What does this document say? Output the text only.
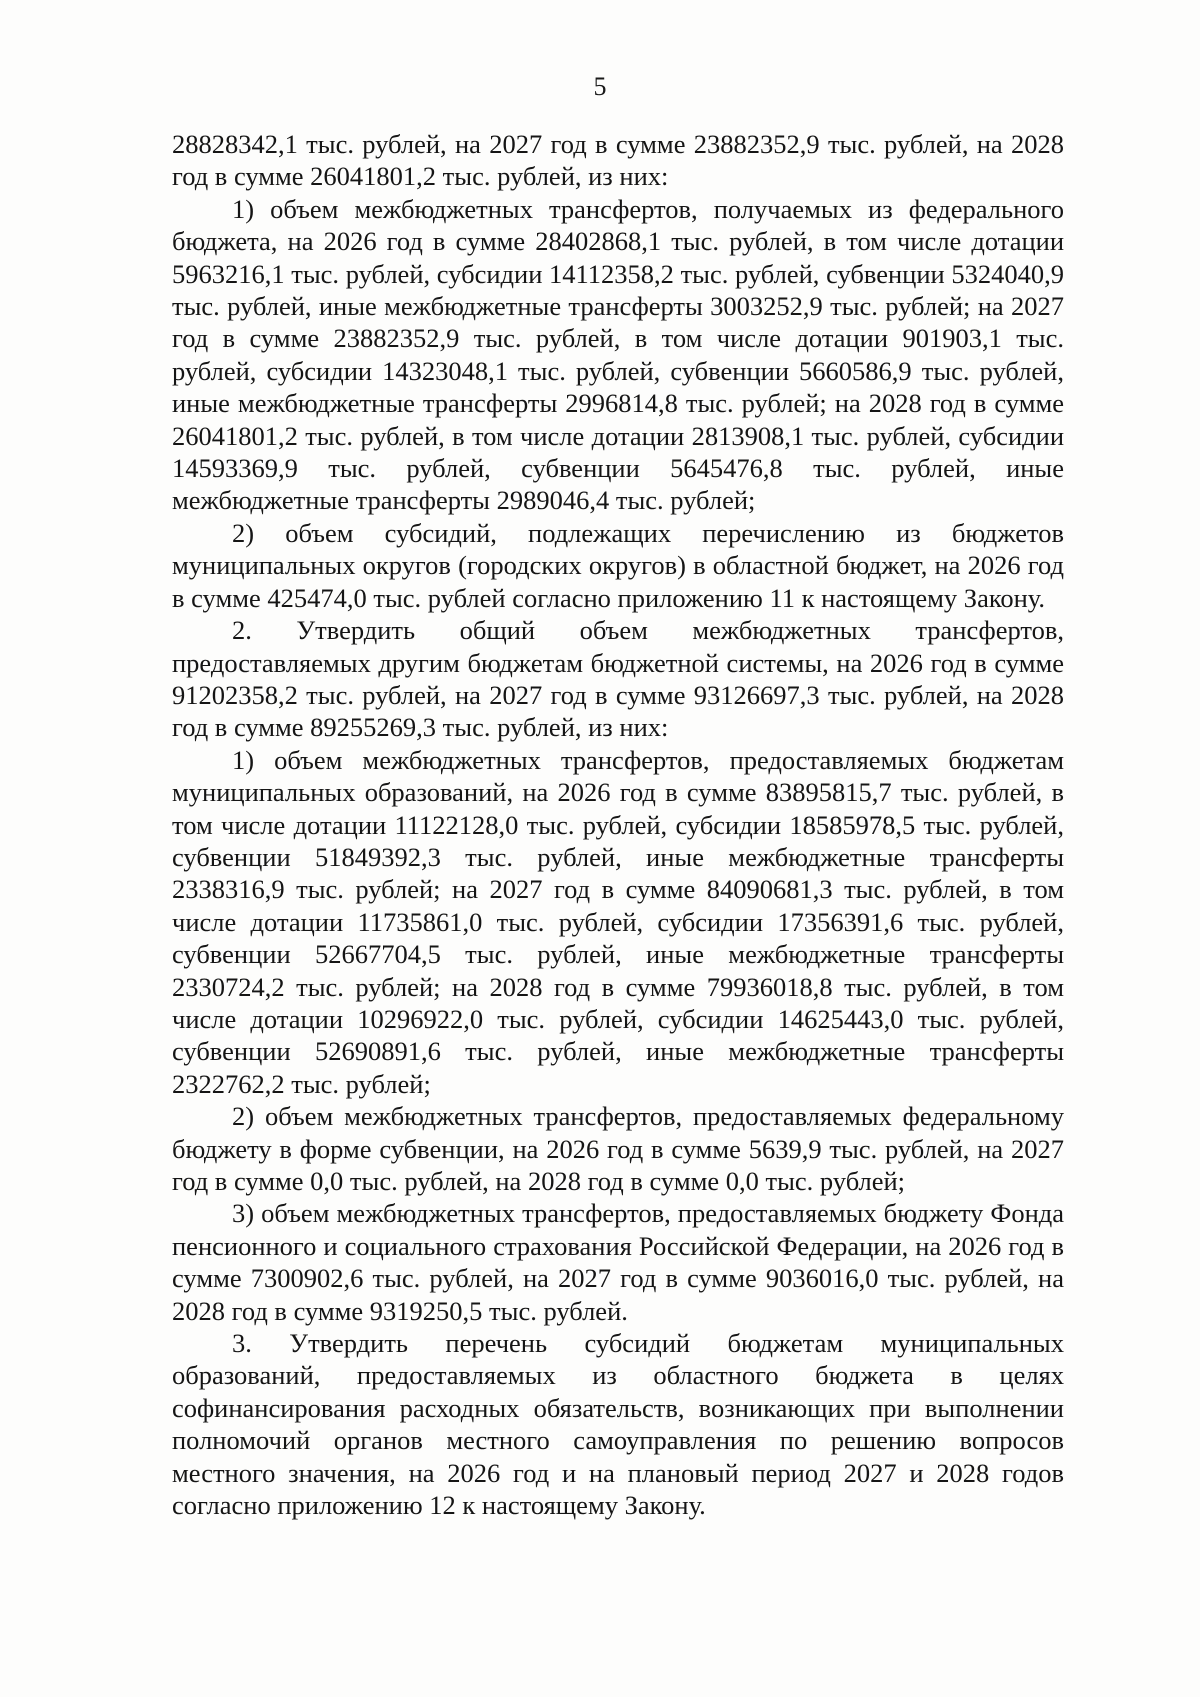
5

28828342,1 тыс. рублей, на 2027 год в сумме 23882352,9 тыс. рублей, на 2028 год в сумме 26041801,2 тыс. рублей, из них:

1) объем межбюджетных трансфертов, получаемых из федерального бюджета, на 2026 год в сумме 28402868,1 тыс. рублей, в том числе дотации 5963216,1 тыс. рублей, субсидии 14112358,2 тыс. рублей, субвенции 5324040,9 тыс. рублей, иные межбюджетные трансферты 3003252,9 тыс. рублей; на 2027 год в сумме 23882352,9 тыс. рублей, в том числе дотации 901903,1 тыс. рублей, субсидии 14323048,1 тыс. рублей, субвенции 5660586,9 тыс. рублей, иные межбюджетные трансферты 2996814,8 тыс. рублей; на 2028 год в сумме 26041801,2 тыс. рублей, в том числе дотации 2813908,1 тыс. рублей, субсидии 14593369,9 тыс. рублей, субвенции 5645476,8 тыс. рублей, иные межбюджетные трансферты 2989046,4 тыс. рублей;

2) объем субсидий, подлежащих перечислению из бюджетов муниципальных округов (городских округов) в областной бюджет, на 2026 год в сумме 425474,0 тыс. рублей согласно приложению 11 к настоящему Закону.

2. Утвердить общий объем межбюджетных трансфертов, предоставляемых другим бюджетам бюджетной системы, на 2026 год в сумме 91202358,2 тыс. рублей, на 2027 год в сумме 93126697,3 тыс. рублей, на 2028 год в сумме 89255269,3 тыс. рублей, из них:

1) объем межбюджетных трансфертов, предоставляемых бюджетам муниципальных образований, на 2026 год в сумме 83895815,7 тыс. рублей, в том числе дотации 11122128,0 тыс. рублей, субсидии 18585978,5 тыс. рублей, субвенции 51849392,3 тыс. рублей, иные межбюджетные трансферты 2338316,9 тыс. рублей; на 2027 год в сумме 84090681,3 тыс. рублей, в том числе дотации 11735861,0 тыс. рублей, субсидии 17356391,6 тыс. рублей, субвенции 52667704,5 тыс. рублей, иные межбюджетные трансферты 2330724,2 тыс. рублей; на 2028 год в сумме 79936018,8 тыс. рублей, в том числе дотации 10296922,0 тыс. рублей, субсидии 14625443,0 тыс. рублей, субвенции 52690891,6 тыс. рублей, иные межбюджетные трансферты 2322762,2 тыс. рублей;

2) объем межбюджетных трансфертов, предоставляемых федеральному бюджету в форме субвенции, на 2026 год в сумме 5639,9 тыс. рублей, на 2027 год в сумме 0,0 тыс. рублей, на 2028 год в сумме 0,0 тыс. рублей;

3) объем межбюджетных трансфертов, предоставляемых бюджету Фонда пенсионного и социального страхования Российской Федерации, на 2026 год в сумме 7300902,6 тыс. рублей, на 2027 год в сумме 9036016,0 тыс. рублей, на 2028 год в сумме 9319250,5 тыс. рублей.

3. Утвердить перечень субсидий бюджетам муниципальных образований, предоставляемых из областного бюджета в целях софинансирования расходных обязательств, возникающих при выполнении полномочий органов местного самоуправления по решению вопросов местного значения, на 2026 год и на плановый период 2027 и 2028 годов согласно приложению 12 к настоящему Закону.
